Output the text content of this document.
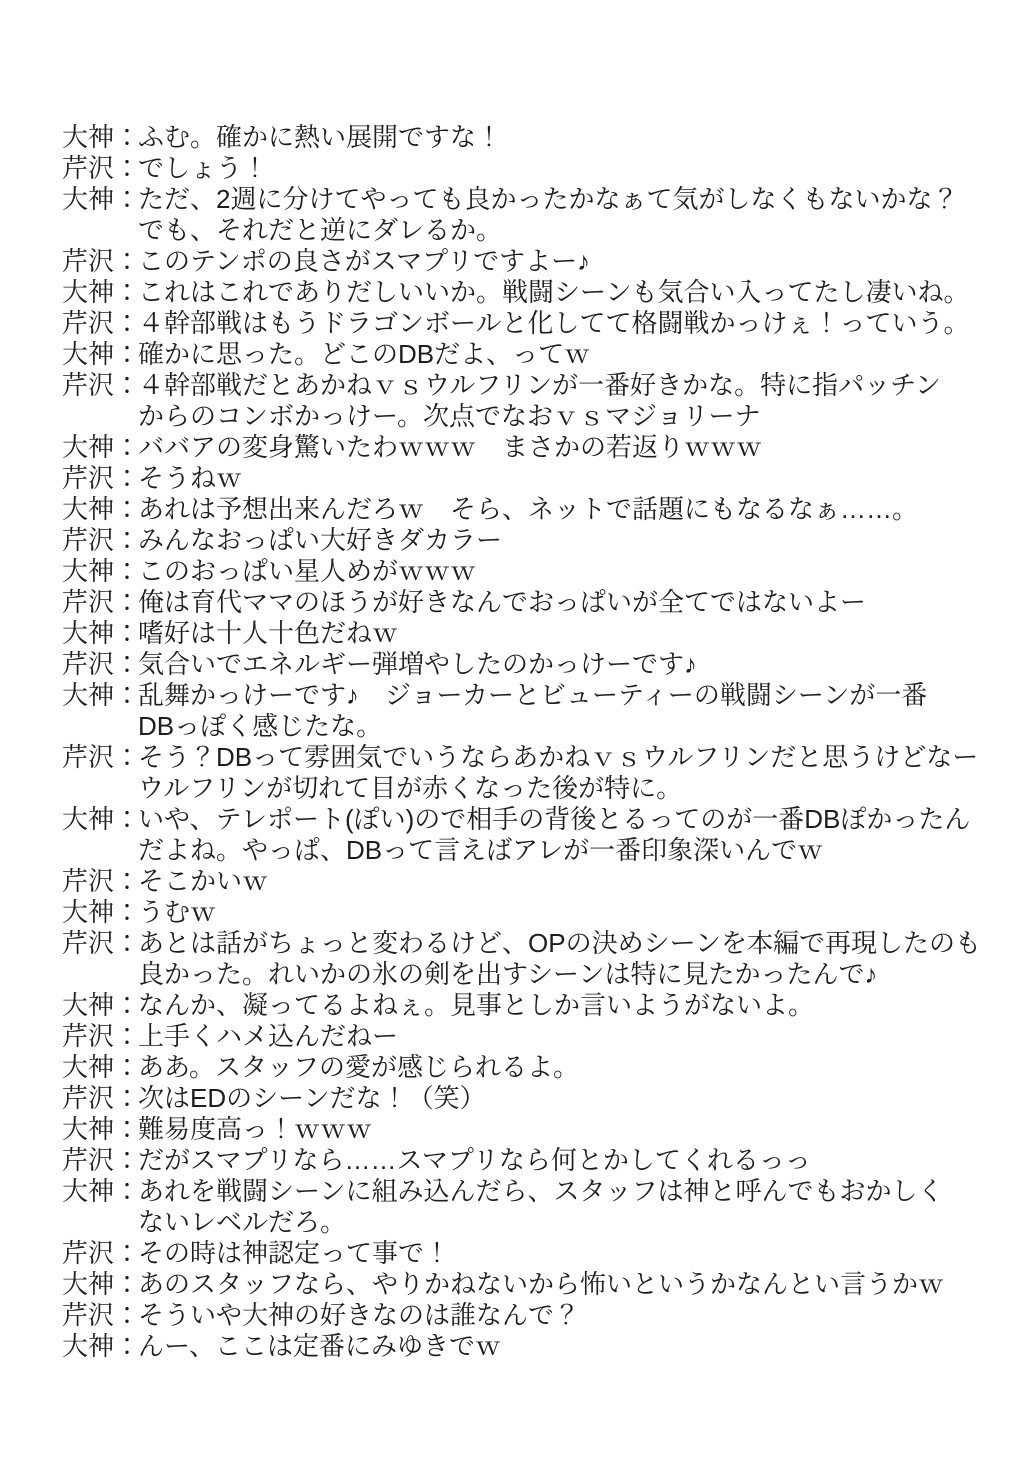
大神：ふむ。確かに熱い展開ですな！
芹沢：でしょう！
大神：ただ、2週に分けてやっても良かったかなぁて気がしなくもないかな？
でも、それだと逆にダレるか。
芹沢：このテンポの良さがスマプリですよー♪
大神：これはこれでありだしいいか。戦闘シーンも気合い入ってたし凄いね。
芹沢：４幹部戦はもうドラゴンボールと化してて格闘戦かっけぇ！っていう。
大神：確かに思った。どこのDBだよ、ってｗ
芹沢：４幹部戦だとあかねｖｓウルフリンが一番好きかな。特に指パッチン
からのコンボかっけー。次点でなおｖｓマジョリーナ
大神：ババアの変身驚いたわｗｗｗ　まさかの若返りｗｗｗ
芹沢：そうねｗ
大神：あれは予想出来んだろｗ　そら、ネットで話題にもなるなぁ……。
芹沢：みんなおっぱい大好きダカラー
大神：このおっぱい星人めがｗｗｗ
芹沢：俺は育代ママのほうが好きなんでおっぱいが全てではないよー
大神：嗜好は十人十色だねｗ
芹沢：気合いでエネルギー弾増やしたのかっけーです♪
大神：乱舞かっけーです♪　ジョーカーとビューティーの戦闘シーンが一番
DBっぽく感じたな。
芹沢：そう？DBって雰囲気でいうならあかねｖｓウルフリンだと思うけどなー
ウルフリンが切れて目が赤くなった後が特に。
大神：いや、テレポート(ぽい)ので相手の背後とるってのが一番DBぽかったん
だよね。やっぱ、DBって言えばアレが一番印象深いんでｗ
芹沢：そこかいｗ
大神：うむｗ
芹沢：あとは話がちょっと変わるけど、OPの決めシーンを本編で再現したのも
良かった。れいかの氷の剣を出すシーンは特に見たかったんで♪
大神：なんか、凝ってるよねぇ。見事としか言いようがないよ。
芹沢：上手くハメ込んだねー
大神：ああ。スタッフの愛が感じられるよ。
芹沢：次はEDのシーンだな！（笑）
大神：難易度高っ！ｗｗｗ
芹沢：だがスマプリなら……スマプリなら何とかしてくれるっっ
大神：あれを戦闘シーンに組み込んだら、スタッフは神と呼んでもおかしく
ないレベルだろ。
芹沢：その時は神認定って事で！
大神：あのスタッフなら、やりかねないから怖いというかなんとい言うかｗ
芹沢：そういや大神の好きなのは誰なんで？
大神：んー、ここは定番にみゆきでｗ
